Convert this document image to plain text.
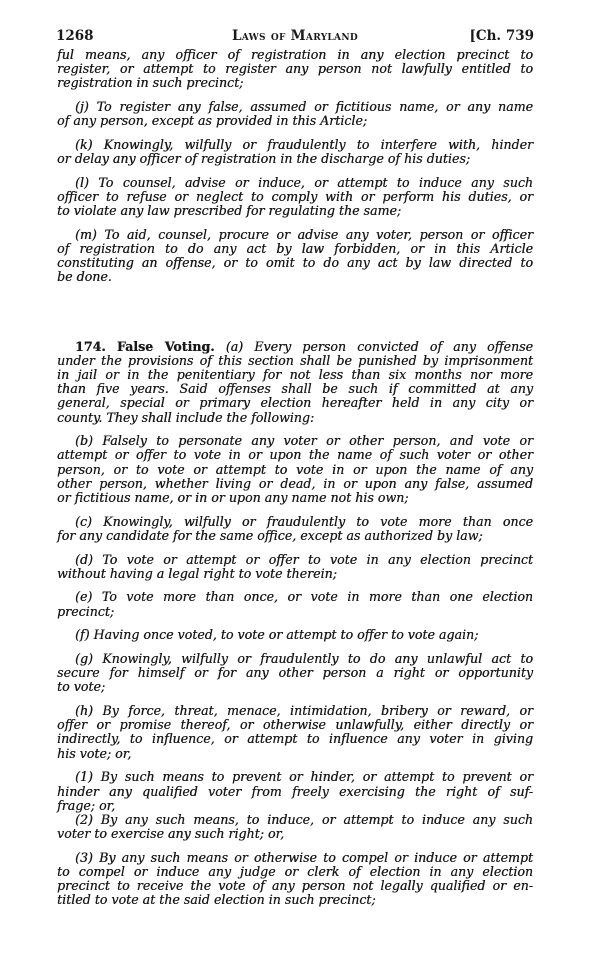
1268	Laws of Maryland	[Ch. 739
ful means, any officer of registration in any election precinct to
register, or attempt to register any person not lawfully entitled to
registration in such precinct;
(j) To register any false, assumed or fictitious name, or any name
of any person, except as provided in this Article;
(k) Knowingly, wilfully or fraudulently to interfere with, hinder
or delay any officer of registration in the discharge of his duties;
(l) To counsel, advise or induce, or attempt to induce any such
officer to refuse or neglect to comply with or perform his duties, or
to violate any law prescribed for regulating the same;
(m) To aid, counsel, procure or advise any voter, person or officer
of registration to do any act by law forbidden, or in this Article
constituting an offense, or to omit to do any act by law directed to
be done.
174. False Voting. (a) Every person convicted of any offense
under the provisions of this section shall be punished by imprisonment
in jail or in the penitentiary for not less than six months nor more
than five years. Said offenses shall be such if committed at any
general, special or primary election hereafter held in any city or
county. They shall include the following:
(b) Falsely to personate any voter or other person, and vote or
attempt or offer to vote in or upon the name of such voter or other
person, or to vote or attempt to vote in or upon the name of any
other person, whether living or dead, in or upon any false, assumed
or fictitious name, or in or upon any name not his own;
(c) Knowingly, wilfully or fraudulently to vote more than once
for any candidate for the same office, except as authorized by law;
(d) To vote or attempt or offer to vote in any election precinct
without having a legal right to vote therein;
(e) To vote more than once, or vote in more than one election
precinct;
(f) Having once voted, to vote or attempt to offer to vote again;
(g) Knowingly, wilfully or fraudulently to do any unlawful act to
secure for himself or for any other person a right or opportunity
to vote;
(h) By force, threat, menace, intimidation, bribery or reward, or
offer or promise thereof, or otherwise unlawfully, either directly or
indirectly, to influence, or attempt to influence any voter in giving
his vote; or,
(1) By such means to prevent or hinder, or attempt to prevent or
hinder any qualified voter from freely exercising the right of suf-
frage; or,
(2) By any such means, to induce, or attempt to induce any such
voter to exercise any such right; or,
(3) By any such means or otherwise to compel or induce or attempt
to compel or induce any judge or clerk of election in any election
precinct to receive the vote of any person not legally qualified or en-
titled to vote at the said election in such precinct;
